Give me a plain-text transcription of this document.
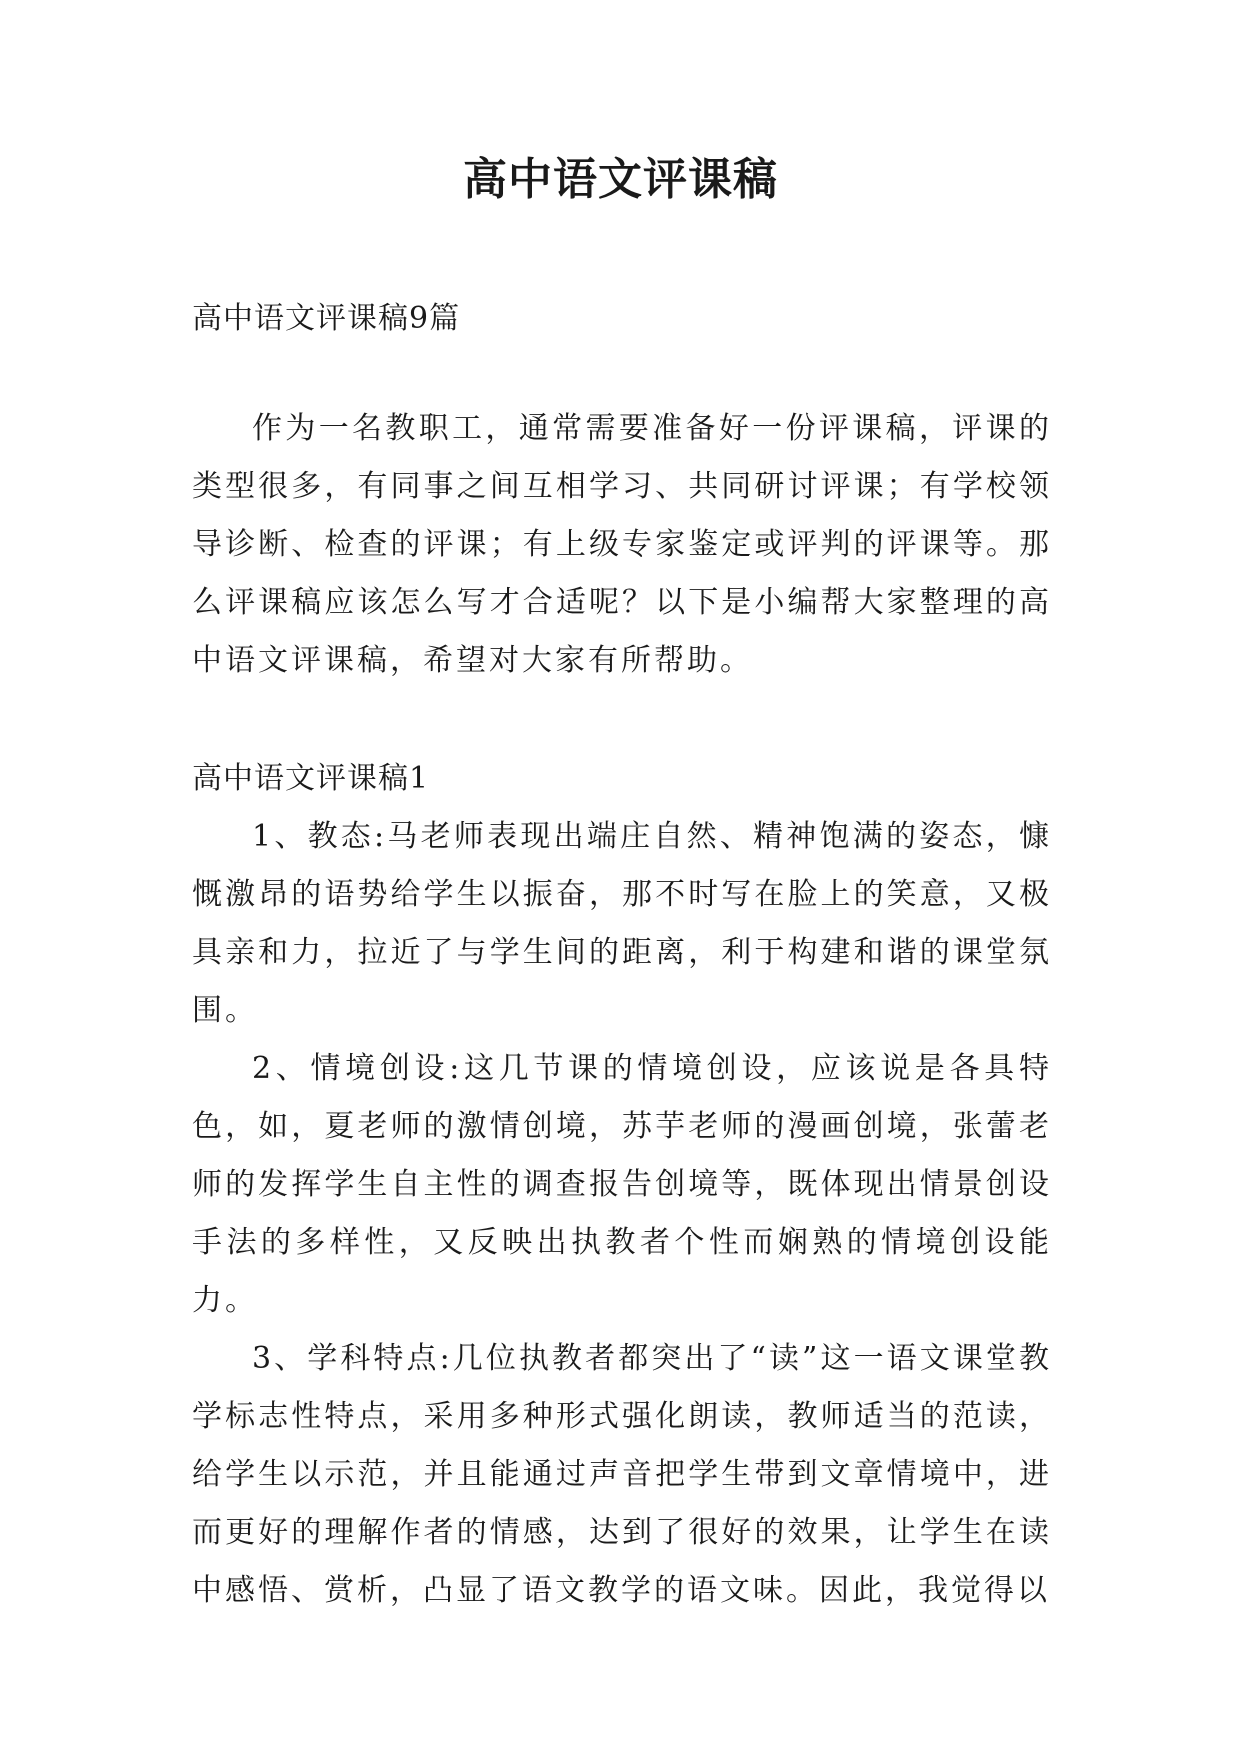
高中语文评课稿

高中语文评课稿9篇

作为一名教职工，通常需要准备好一份评课稿，评课的类型很多，有同事之间互相学习、共同研讨评课；有学校领导诊断、检查的评课；有上级专家鉴定或评判的评课等。那么评课稿应该怎么写才合适呢？以下是小编帮大家整理的高中语文评课稿，希望对大家有所帮助。

高中语文评课稿1

1、教态:马老师表现出端庄自然、精神饱满的姿态，慷慨激昂的语势给学生以振奋，那不时写在脸上的笑意，又极具亲和力，拉近了与学生间的距离，利于构建和谐的课堂氛围。

2、情境创设:这几节课的情境创设，应该说是各具特色，如，夏老师的激情创境，苏芋老师的漫画创境，张蕾老师的发挥学生自主性的调查报告创境等，既体现出情景创设手法的多样性，又反映出执教者个性而娴熟的情境创设能力。

3、学科特点:几位执教者都突出了“读”这一语文课堂教学标志性特点，采用多种形式强化朗读，教师适当的范读，给学生以示范，并且能通过声音把学生带到文章情境中，进而更好的理解作者的情感，达到了很好的效果，让学生在读中感悟、赏析，凸显了语文教学的语文味。因此，我觉得以
